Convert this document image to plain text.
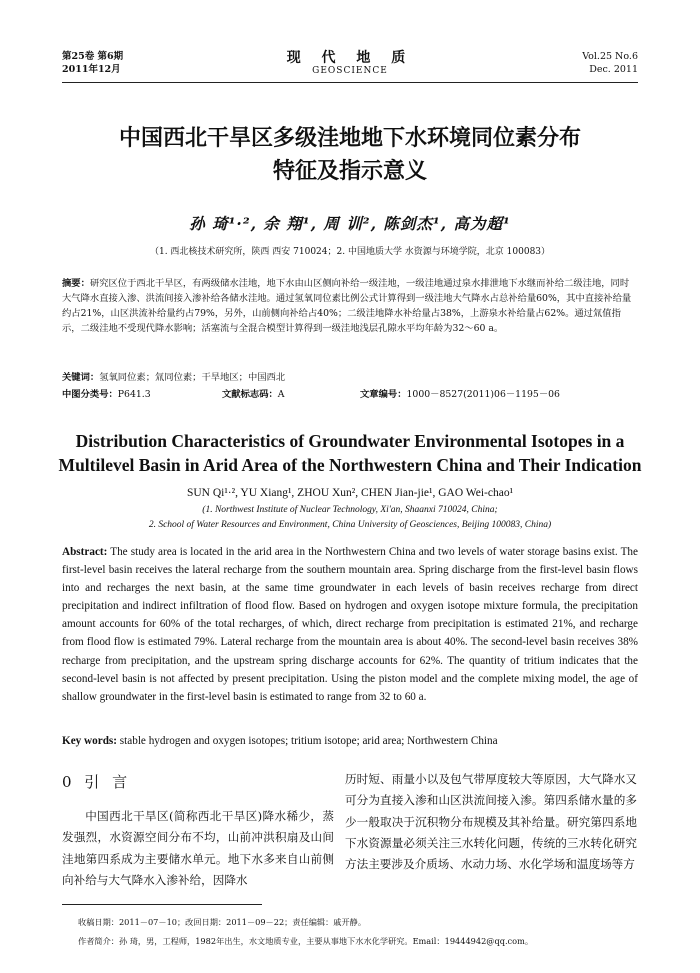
第25卷 第6期
2011年12月
现 代 地 质
GEOSCIENCE
Vol.25 No.6
Dec. 2011
中国西北干旱区多级洼地地下水环境同位素分布
特征及指示意义
孙 琦¹·², 余 翔¹, 周 训², 陈剑杰¹, 高为超¹
（1. 西北核技术研究所，陕西 西安 710024；2. 中国地质大学 水资源与环境学院，北京 100083）
摘要：研究区位于西北干旱区，有两级储水洼地，地下水由山区侧向补给一级洼地，一级洼地通过泉水排泄地下水继而补给二级洼地，同时大气降水直接入渗、洪流间接入渗补给各储水洼地。通过氢氧同位素比例公式计算得到一级洼地大气降水占总补给量60%，其中直接补给量约占21%，山区洪流补给量约占79%，另外，山前侧向补给占40%；二级洼地降水补给量占38%，上游泉水补给量占62%。通过氚值指示，二级洼地不受现代降水影响；活塞流与全混合模型计算得到一级洼地浅层孔隙水平均年龄为32～60 a。
关键词：氢氧同位素；氚同位素；干旱地区；中国西北
中图分类号：P641.3	文献标志码：A	文章编号：1000－8527(2011)06－1195－06
Distribution Characteristics of Groundwater Environmental Isotopes in a
Multilevel Basin in Arid Area of the Northwestern China and Their Indication
SUN Qi¹·², YU Xiang¹, ZHOU Xun², CHEN Jian-jie¹, GAO Wei-chao¹
(1. Northwest Institute of Nuclear Technology, Xi'an, Shaanxi 710024, China;
2. School of Water Resources and Environment, China University of Geosciences, Beijing 100083, China)
Abstract: The study area is located in the arid area in the Northwestern China and two levels of water storage basins exist. The first-level basin receives the lateral recharge from the southern mountain area. Spring discharge from the first-level basin flows into and recharges the next basin, at the same time groundwater in each levels of basin receives recharge from direct precipitation and indirect infiltration of flood flow. Based on hydrogen and oxygen isotope mixture formula, the precipitation amount accounts for 60% of the total recharges, of which, direct recharge from precipitation is estimated 21%, and recharge from flood flow is estimated 79%. Lateral recharge from the mountain area is about 40%. The second-level basin receives 38% recharge from precipitation, and the upstream spring discharge accounts for 62%. The quantity of tritium indicates that the second-level basin is not affected by present precipitation. Using the piston model and the complete mixing model, the age of shallow groundwater in the first-level basin is estimated to range from 32 to 60 a.
Key words: stable hydrogen and oxygen isotopes; tritium isotope; arid area; Northwestern China
0 引 言
中国西北干旱区(简称西北干旱区)降水稀少，蒸发强烈，水资源空间分布不均，山前冲洪积扇及山间洼地第四系成为主要储水单元。地下水多来自山前侧向补给与大气降水入渗补给，因降水
历时短、雨量小以及包气带厚度较大等原因，大气降水又可分为直接入渗和山区洪流间接入渗。第四系储水量的多少一般取决于沉积物分布规模及其补给量。研究第四系地下水资源量必须关注三水转化问题，传统的三水转化研究方法主要涉及介质场、水动力场、水化学场和温度场等方
收稿日期：2011－07－10；改回日期：2011－09－22；责任编辑：戚开静。
作者简介：孙 琦，男，工程师，1982年出生，水文地质专业，主要从事地下水水化学研究。Email：19444942@qq.com。
